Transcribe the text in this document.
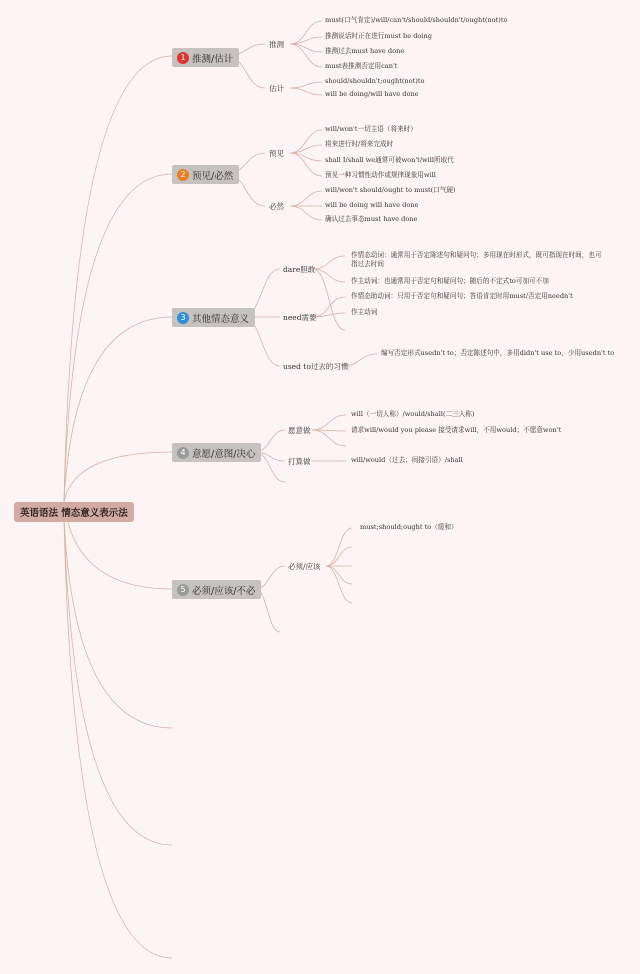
英语语法 情态意义表示法
1 推测/估计
推测
must(口气肯定)/will/can't/should/shouldn't/ought(not)to
推测说话时正在进行must be doing
推测过去must have done
must表推测否定用can't
估计
should/shouldn't;ought(not)to
will be doing/will have done
2 预见/必然
预见
will/won't一切主语（将来时）
将来进行时/将来完成时
shall I/shall we通常可被won't/will所取代
预见一种习惯性动作或规律现象用will
必然
will/won't should/ought to must(口气硬)
will be doing will have done
确认过去事态must have done
3 其他情态意义
dare胆敢
作情态动词：通常用于否定陈述句和疑问句；多用现在时形式，既可指现在时间，也可指过去时间
作主动词：也通常用于否定句和疑问句；随后的不定式to可加可不加
need需要
作情态助动词：只用于否定句和疑问句；答语肯定时用must/否定用needn't
作主动词
used to过去的习惯
编写否定形式usedn't to；否定陈述句中，多用didn't use to，少用usedn't to
4 意愿/意图/决心
愿意做
will（一切人称）/would/shall(二三人称)
请求will/would you please 接受请求will，不用would；不愿意won't
打算做	will/would（过去；间接引语）/shall
5 必须/应该/不必
必须/应该
must;should;ought to（缓和）
